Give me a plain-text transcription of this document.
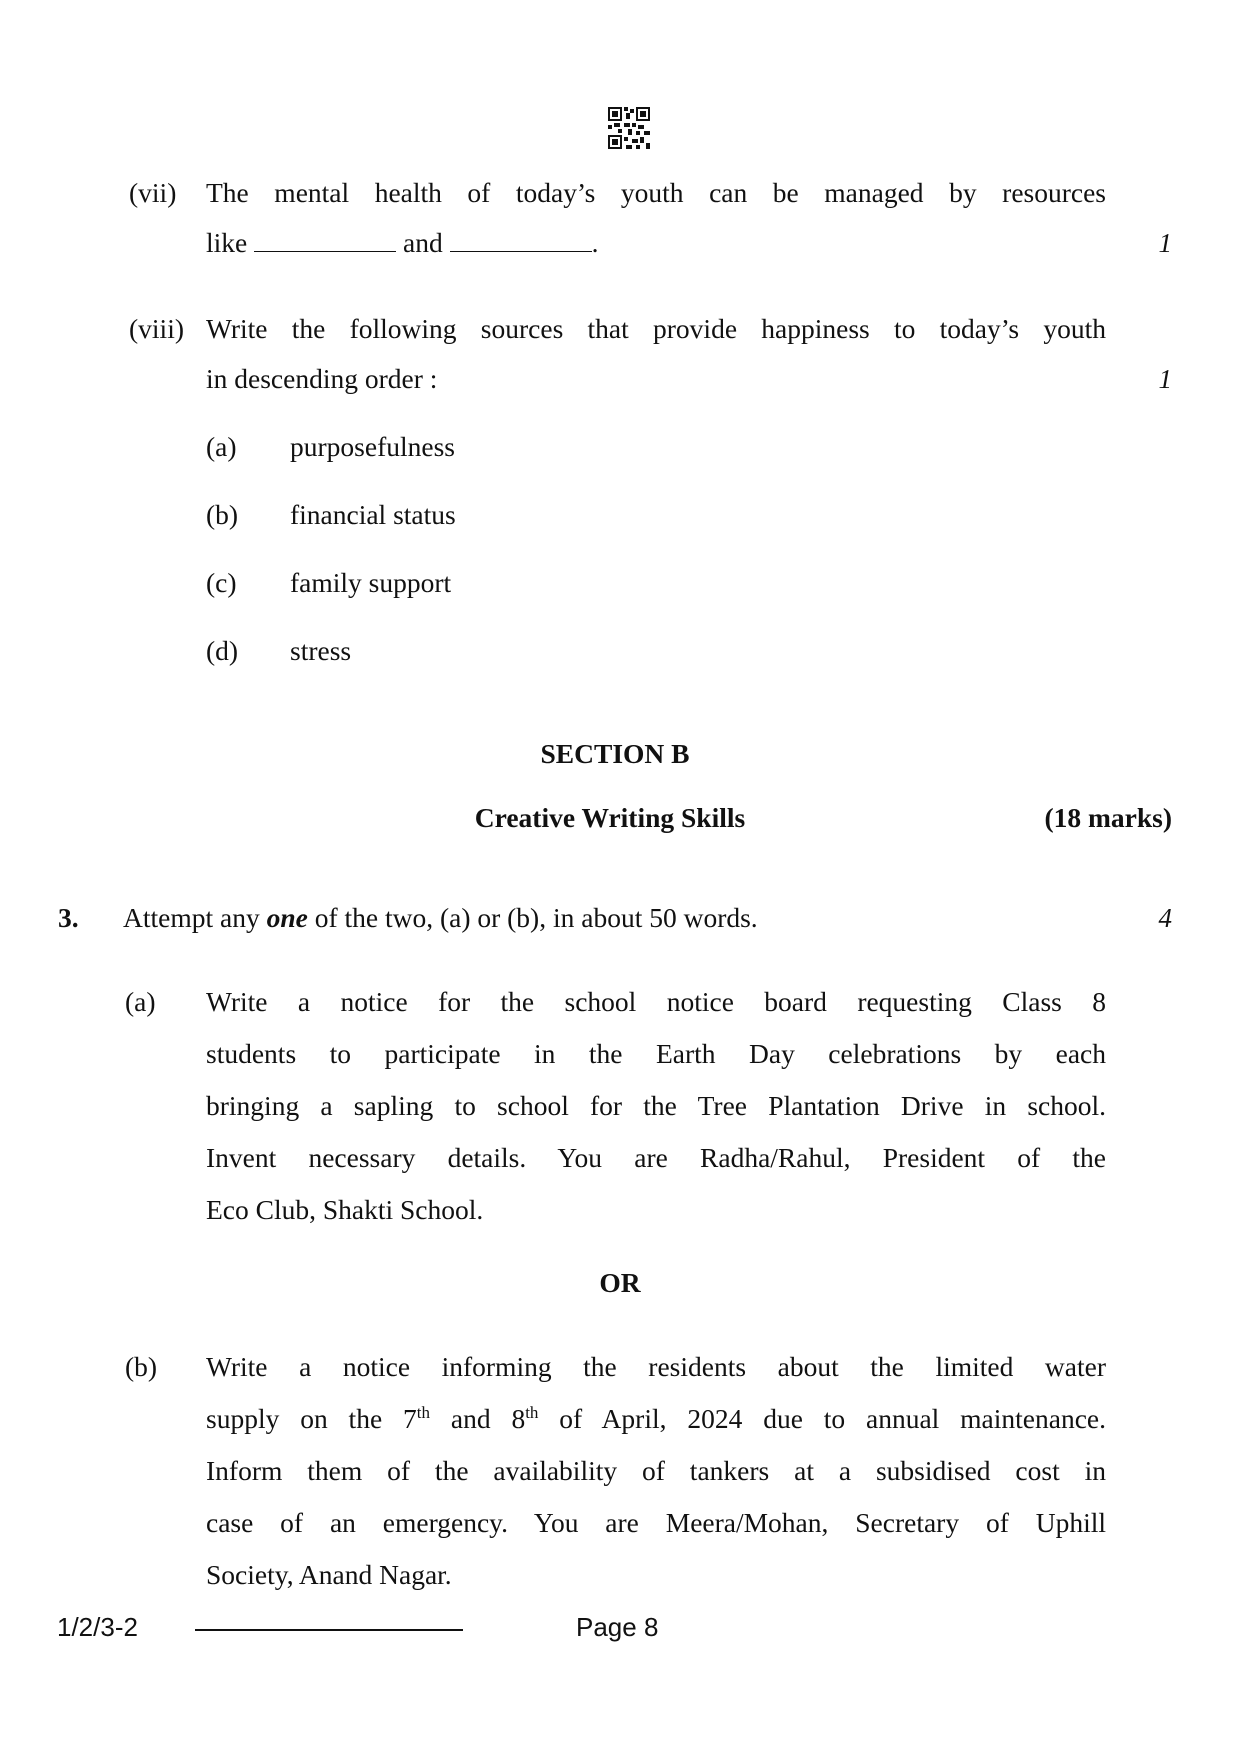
(vii) The mental health of today’s youth can be managed by resources
like	and	.	1
(viii) Write the following sources that provide happiness to today’s youth
in descending order :	1
(a) purposefulness
(b) financial status
(c) family support
(d) stress
SECTION B
Creative Writing Skills	(18 marks)
3. Attempt any one of the two, (a) or (b), in about 50 words.	4
(a) Write a notice for the school notice board requesting Class 8
students to participate in the Earth Day celebrations by each
bringing a sapling to school for the Tree Plantation Drive in school.
Invent necessary details. You are Radha/Rahul, President of the
Eco Club, Shakti School.
OR
(b) Write a notice informing the residents about the limited water
supply on the 7th and 8th of April, 2024 due to annual maintenance.
Inform them of the availability of tankers at a subsidised cost in
case of an emergency. You are Meera/Mohan, Secretary of Uphill
Society, Anand Nagar.
1/2/3-2	Page 8
